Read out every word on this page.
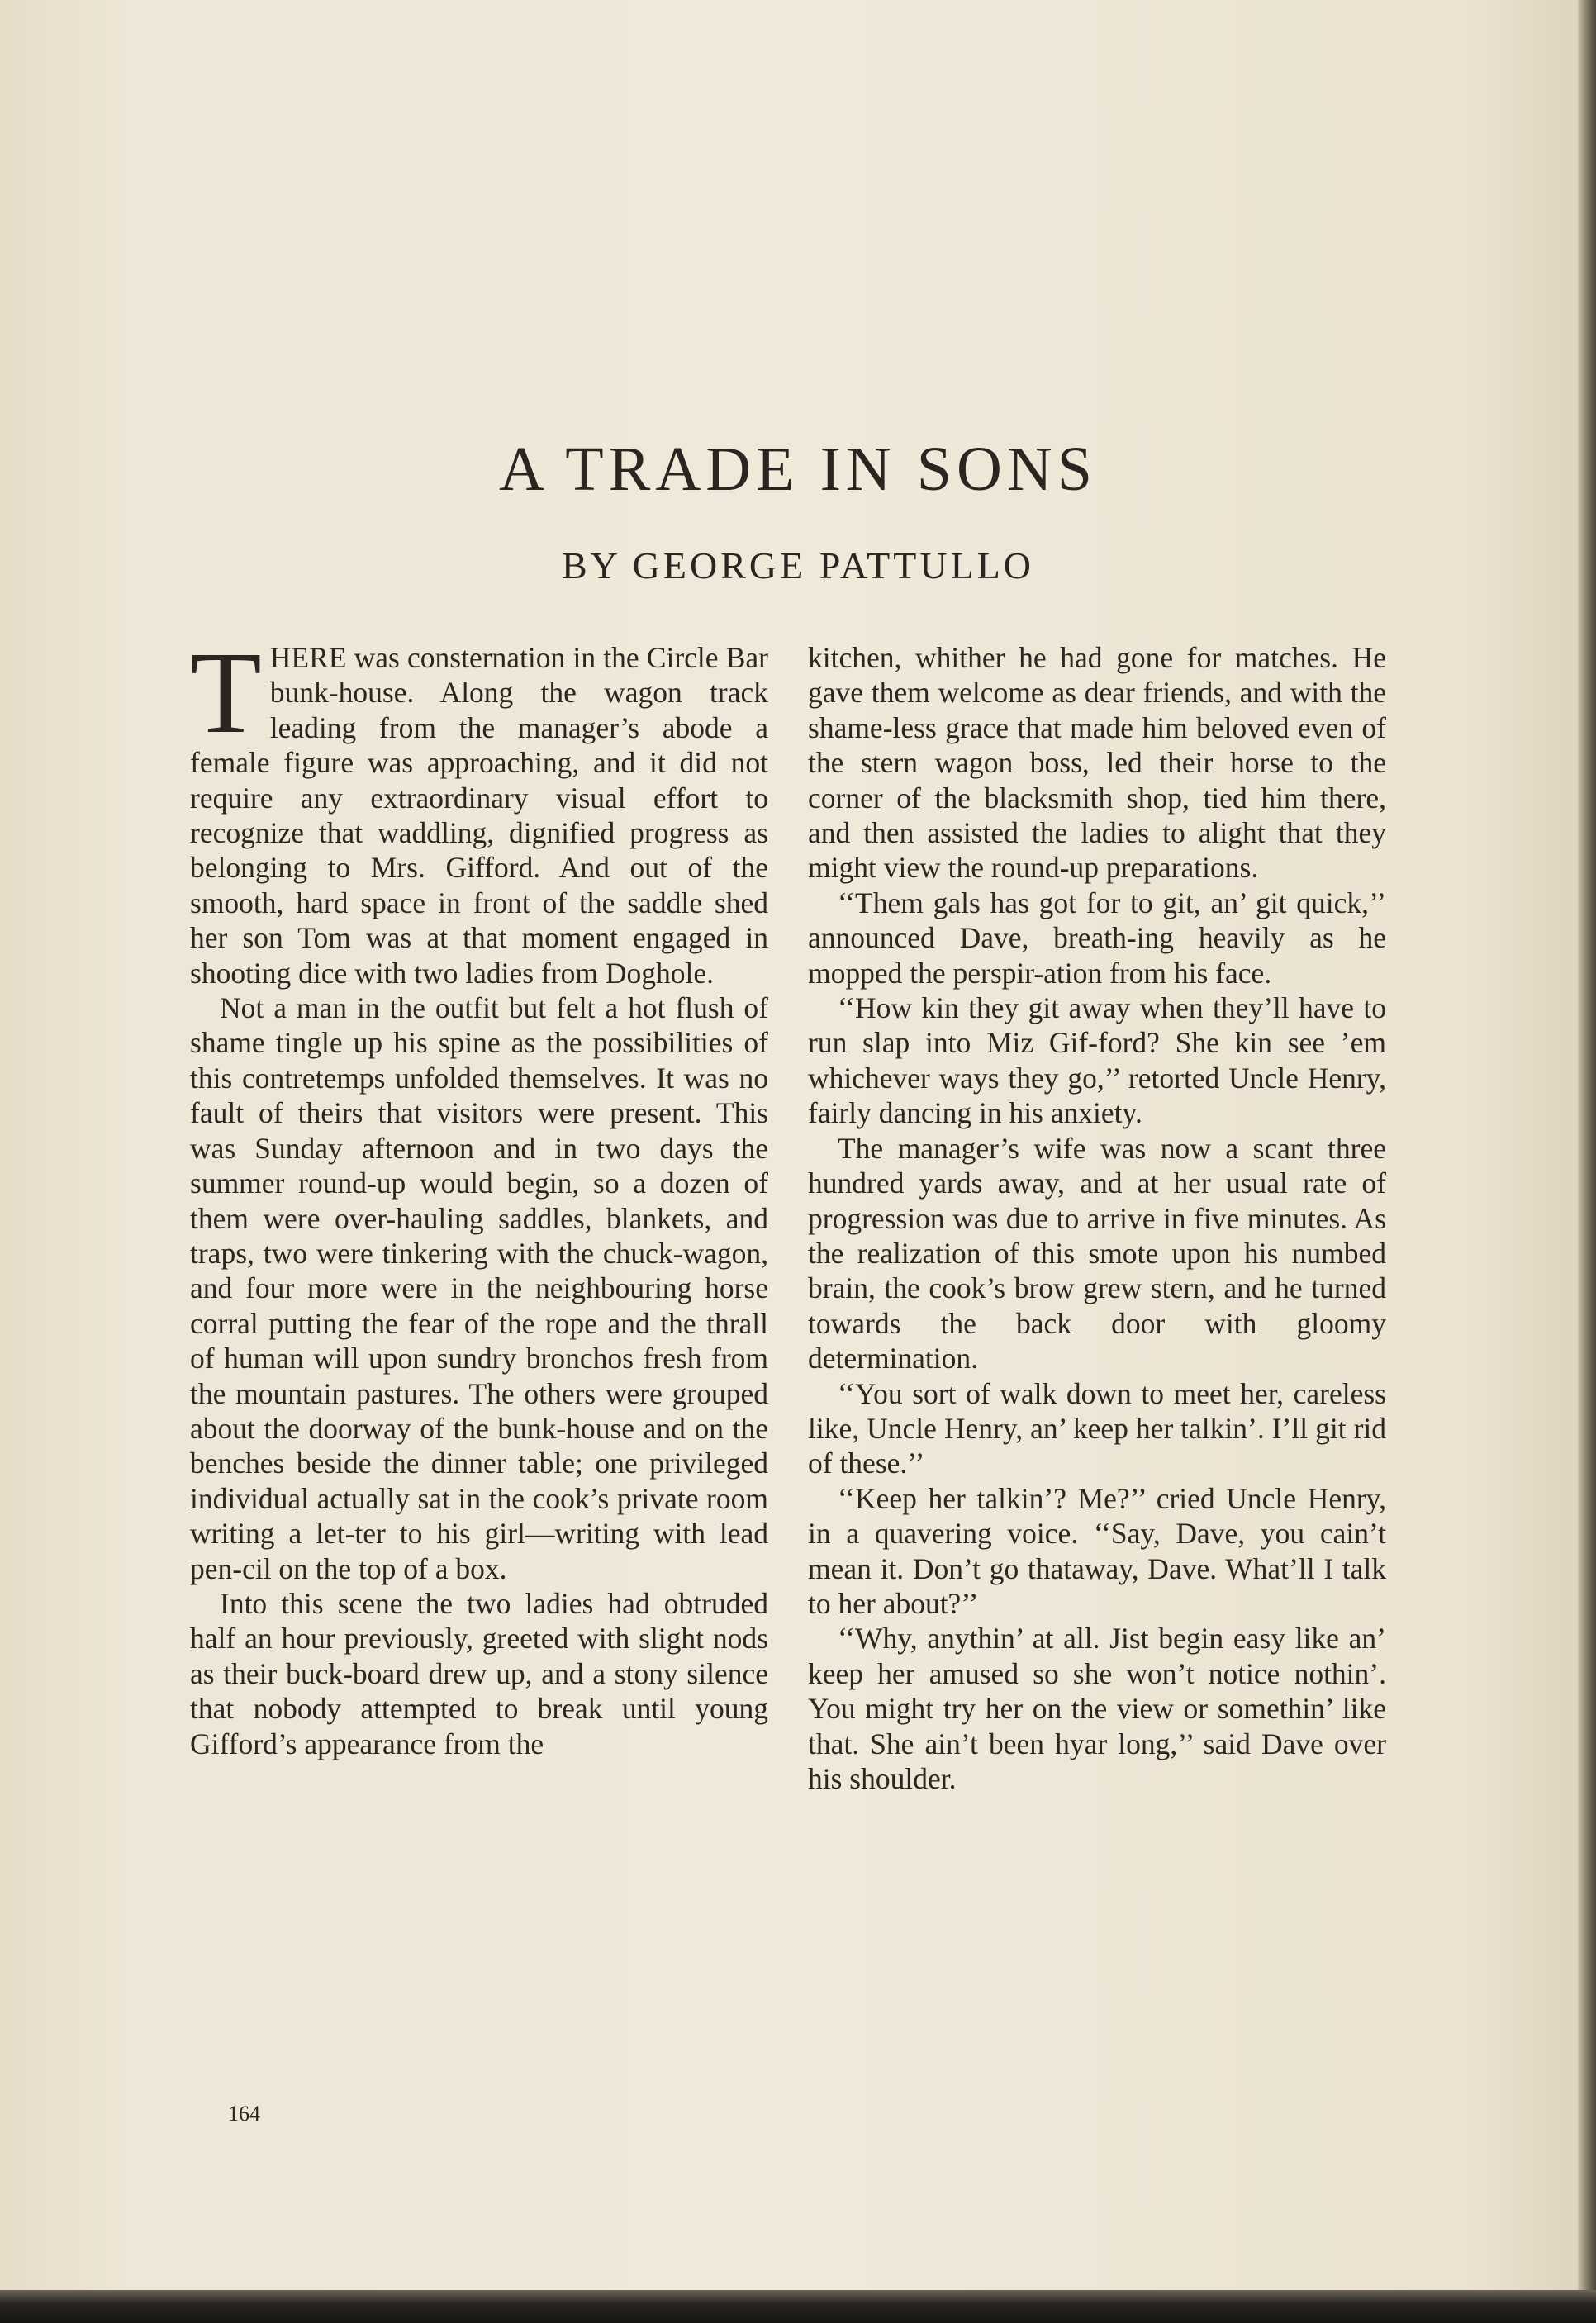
A TRADE IN SONS
BY GEORGE PATTULLO

THERE was consternation in the Circle Bar bunk-house. Along the wagon track leading from the manager’s abode a female figure was approaching, and it did not require any extraordinary visual effort to recognize that waddling, dignified progress as belonging to Mrs. Gifford. And out of the smooth, hard space in front of the saddle shed her son Tom was at that moment engaged in shooting dice with two ladies from Doghole.

Not a man in the outfit but felt a hot flush of shame tingle up his spine as the possibilities of this contretemps unfolded themselves. It was no fault of theirs that visitors were present. This was Sunday afternoon and in two days the summer round-up would begin, so a dozen of them were over-hauling saddles, blankets, and traps, two were tinkering with the chuck-wagon, and four more were in the neighbouring horse corral putting the fear of the rope and the thrall of human will upon sundry bronchos fresh from the mountain pastures. The others were grouped about the doorway of the bunk-house and on the benches beside the dinner table; one privileged individual actually sat in the cook’s private room writing a let-ter to his girl—writing with lead pen-cil on the top of a box.

Into this scene the two ladies had obtruded half an hour previously, greeted with slight nods as their buck-board drew up, and a stony silence that nobody attempted to break until young Gifford’s appearance from the

kitchen, whither he had gone for matches. He gave them welcome as dear friends, and with the shame-less grace that made him beloved even of the stern wagon boss, led their horse to the corner of the blacksmith shop, tied him there, and then assisted the ladies to alight that they might view the round-up preparations.

‘‘Them gals has got for to git, an’ git quick,’’ announced Dave, breath-ing heavily as he mopped the perspir-ation from his face.

‘‘How kin they git away when they’ll have to run slap into Miz Gif-ford? She kin see ’em whichever ways they go,’’ retorted Uncle Henry, fairly dancing in his anxiety.

The manager’s wife was now a scant three hundred yards away, and at her usual rate of progression was due to arrive in five minutes. As the realization of this smote upon his numbed brain, the cook’s brow grew stern, and he turned towards the back door with gloomy determination.

‘‘You sort of walk down to meet her, careless like, Uncle Henry, an’ keep her talkin’. I’ll git rid of these.’’

‘‘Keep her talkin’? Me?’’ cried Uncle Henry, in a quavering voice. ‘‘Say, Dave, you cain’t mean it. Don’t go thataway, Dave. What’ll I talk to her about?’’

‘‘Why, anythin’ at all. Jist begin easy like an’ keep her amused so she won’t notice nothin’. You might try her on the view or somethin’ like that. She ain’t been hyar long,’’ said Dave over his shoulder.

164
